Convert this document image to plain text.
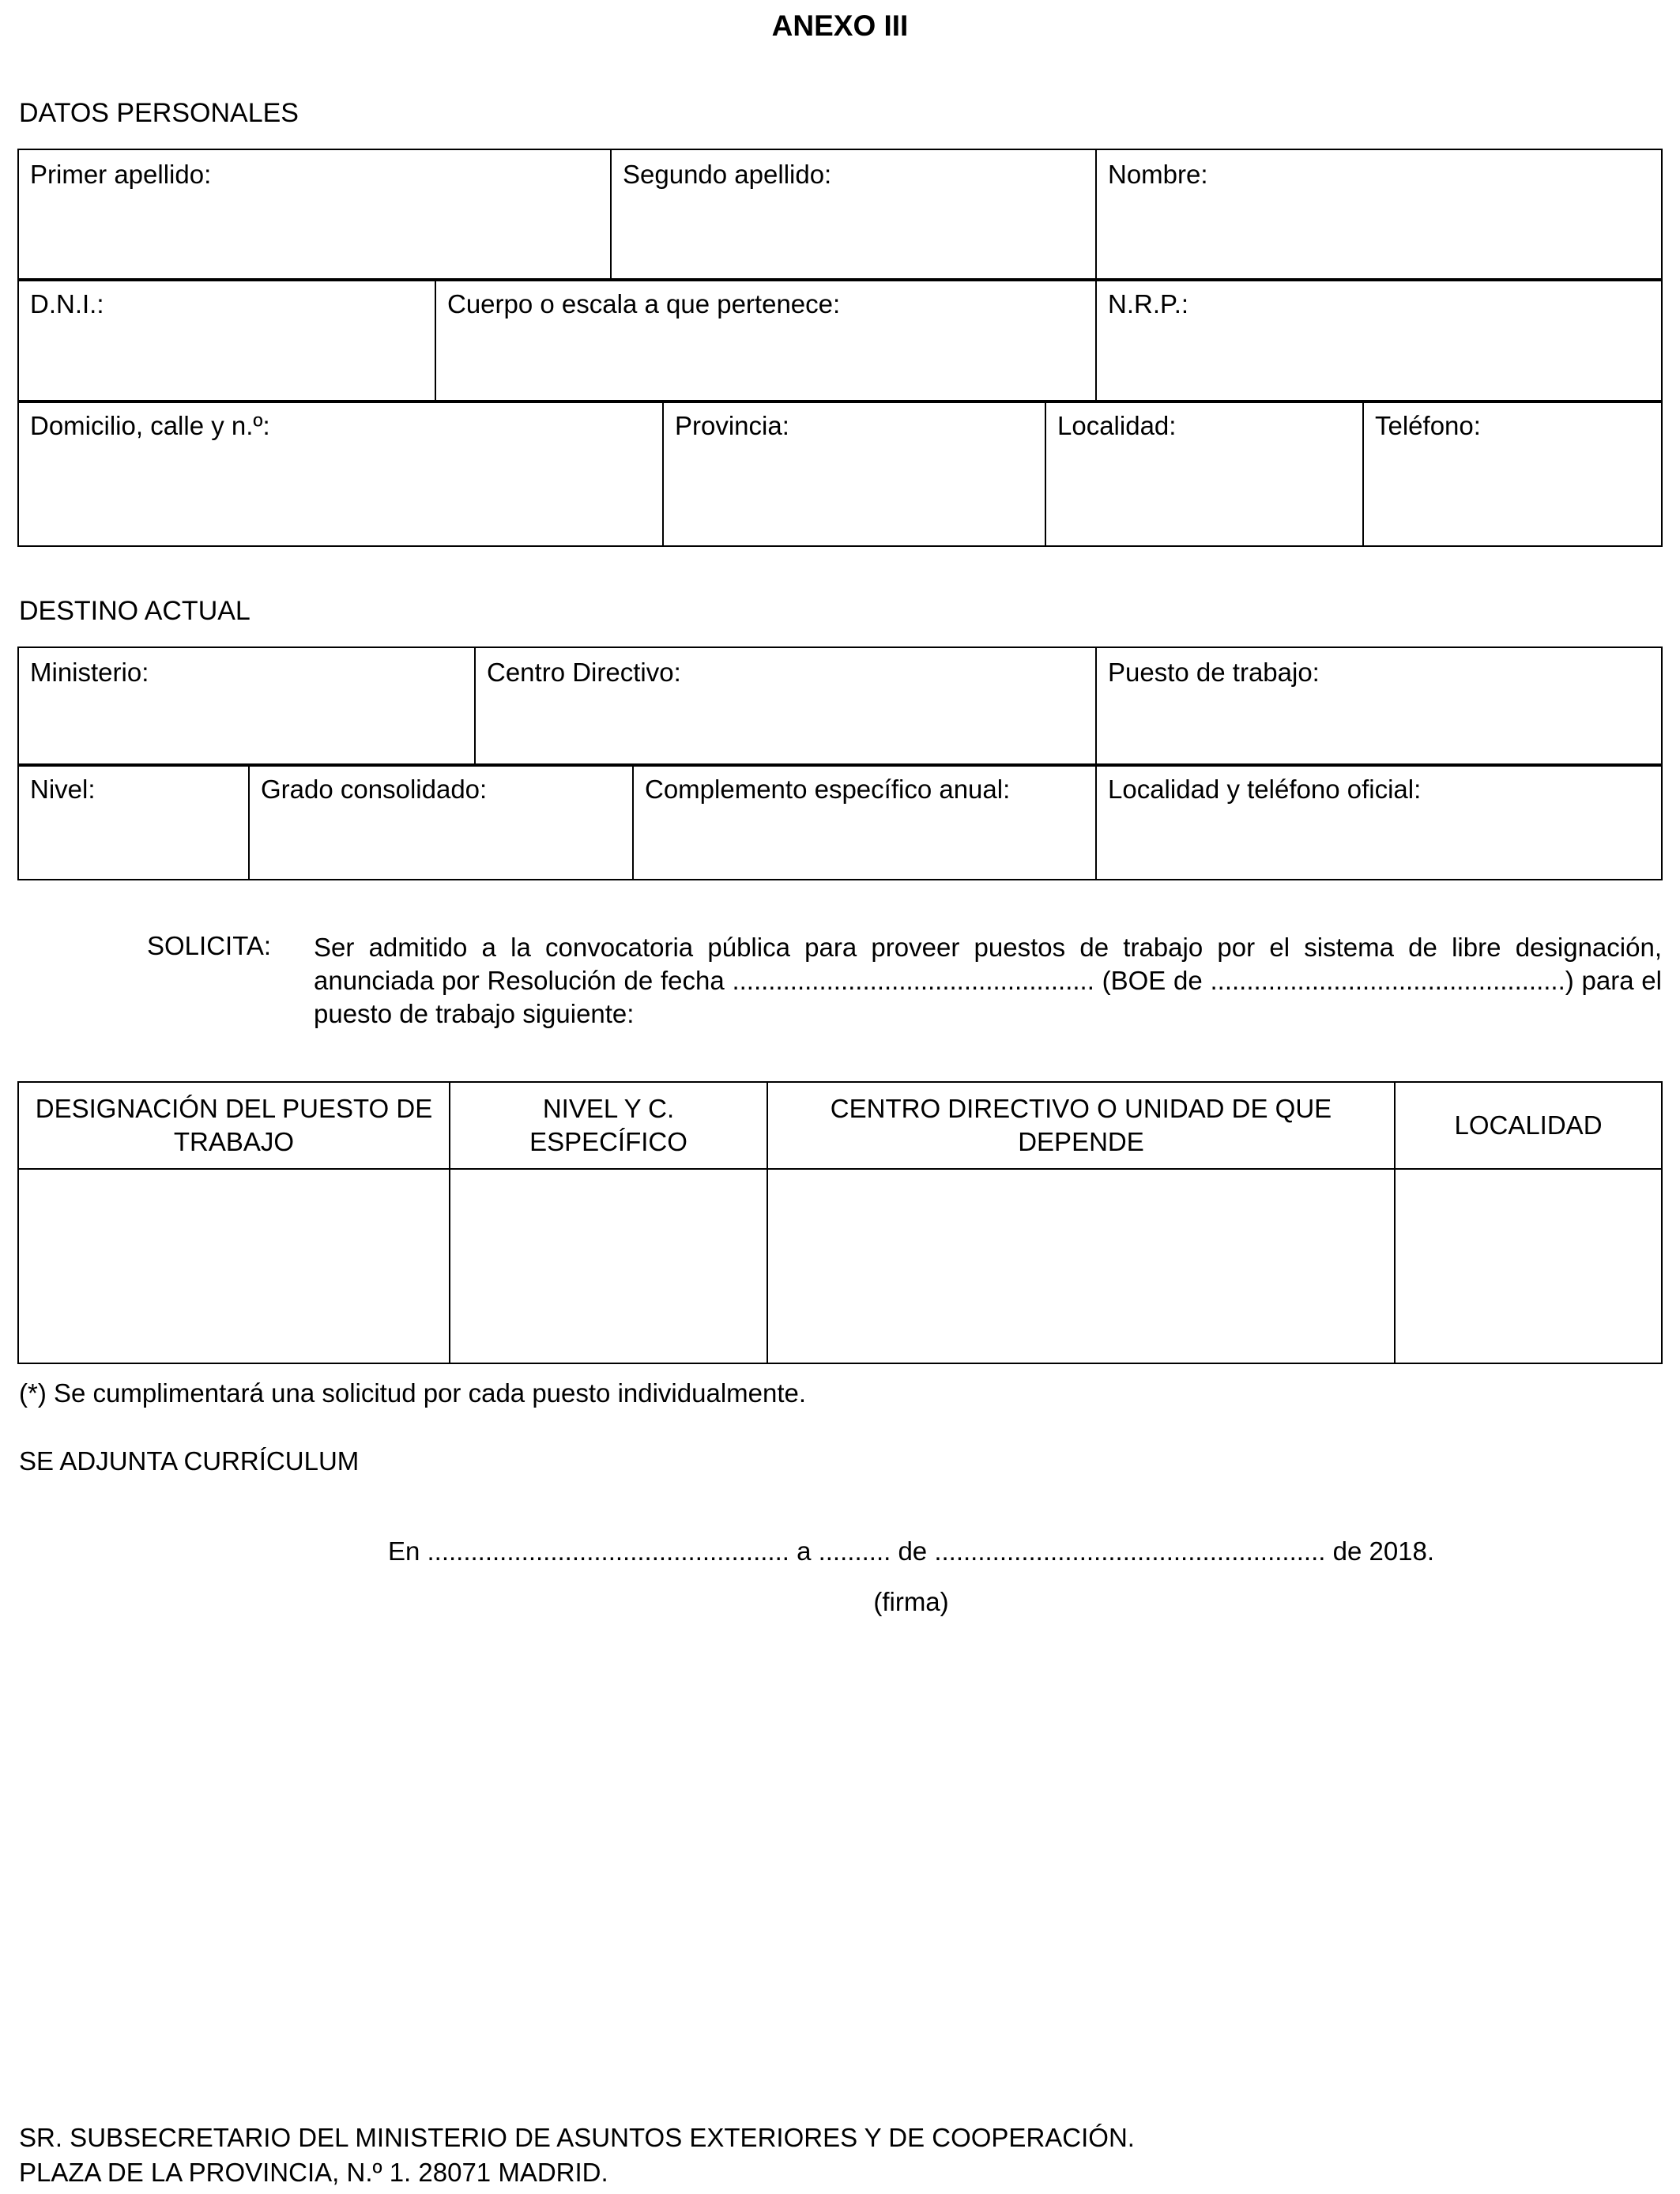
ANEXO III
DATOS PERSONALES
Primer apellido:	Segundo apellido:	Nombre:
D.N.I.:	Cuerpo o escala a que pertenece:	N.R.P.:
Domicilio, calle y n.º:	Provincia:	Localidad:	Teléfono:
DESTINO ACTUAL
Ministerio:	Centro Directivo:	Puesto de trabajo:
Nivel:	Grado consolidado:	Complemento específico anual:	Localidad y teléfono oficial:
SOLICITA: Ser admitido a la convocatoria pública para proveer puestos de trabajo por el sistema de libre designación, anunciada por Resolución de fecha .................................................. (BOE de .................................................) para el puesto de trabajo siguiente:
DESIGNACIÓN DEL PUESTO DE TRABAJO	NIVEL Y C. ESPECÍFICO	CENTRO DIRECTIVO O UNIDAD DE QUE DEPENDE	LOCALIDAD

(*) Se cumplimentará una solicitud por cada puesto individualmente.
SE ADJUNTA CURRÍCULUM
En .................................................. a .......... de ...................................................... de 2018.
(firma)
SR. SUBSECRETARIO DEL MINISTERIO DE ASUNTOS EXTERIORES Y DE COOPERACIÓN.
PLAZA DE LA PROVINCIA, N.º 1. 28071 MADRID.
